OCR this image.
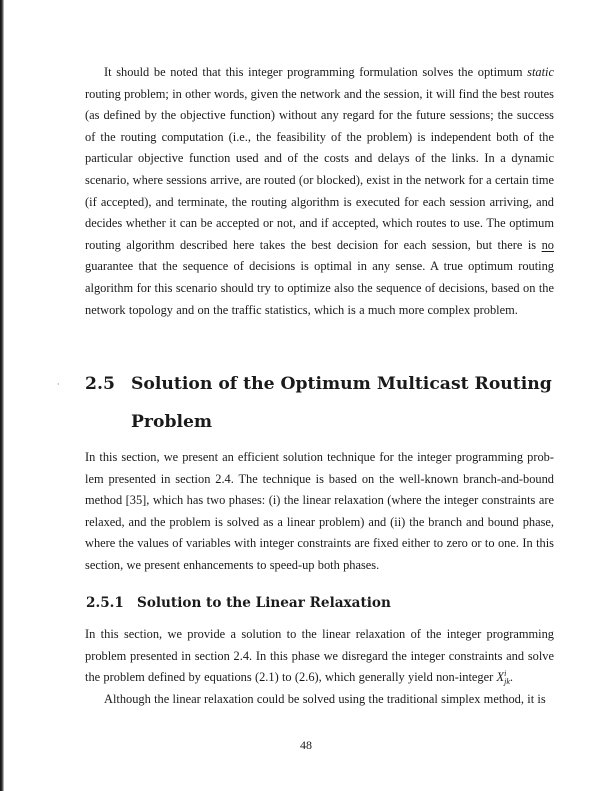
It should be noted that this integer programming formulation solves the optimum static routing problem; in other words, given the network and the session, it will find the best routes (as defined by the objective function) without any regard for the future sessions; the success of the routing computation (i.e., the feasibility of the problem) is independent both of the particular objective function used and of the costs and delays of the links. In a dynamic scenario, where sessions arrive, are routed (or blocked), exist in the network for a certain time (if accepted), and terminate, the routing algorithm is executed for each session arriving, and decides whether it can be accepted or not, and if accepted, which routes to use. The optimum routing algorithm described here takes the best decision for each session, but there is no guarantee that the sequence of decisions is optimal in any sense. A true optimum routing algorithm for this scenario should try to optimize also the sequence of decisions, based on the network topology and on the traffic statistics, which is a much more complex problem.

2.5 Solution of the Optimum Multicast Routing Problem

In this section, we present an efficient solution technique for the integer programming problem presented in section 2.4. The technique is based on the well-known branch-and-bound method [35], which has two phases: (i) the linear relaxation (where the integer constraints are relaxed, and the problem is solved as a linear problem) and (ii) the branch and bound phase, where the values of variables with integer constraints are fixed either to zero or to one. In this section, we present enhancements to speed-up both phases.

2.5.1 Solution to the Linear Relaxation

In this section, we provide a solution to the linear relaxation of the integer programming problem presented in section 2.4. In this phase we disregard the integer constraints and solve the problem defined by equations (2.1) to (2.6), which generally yield non-integer X i
jk .

Although the linear relaxation could be solved using the traditional simplex method, it is

·
48
